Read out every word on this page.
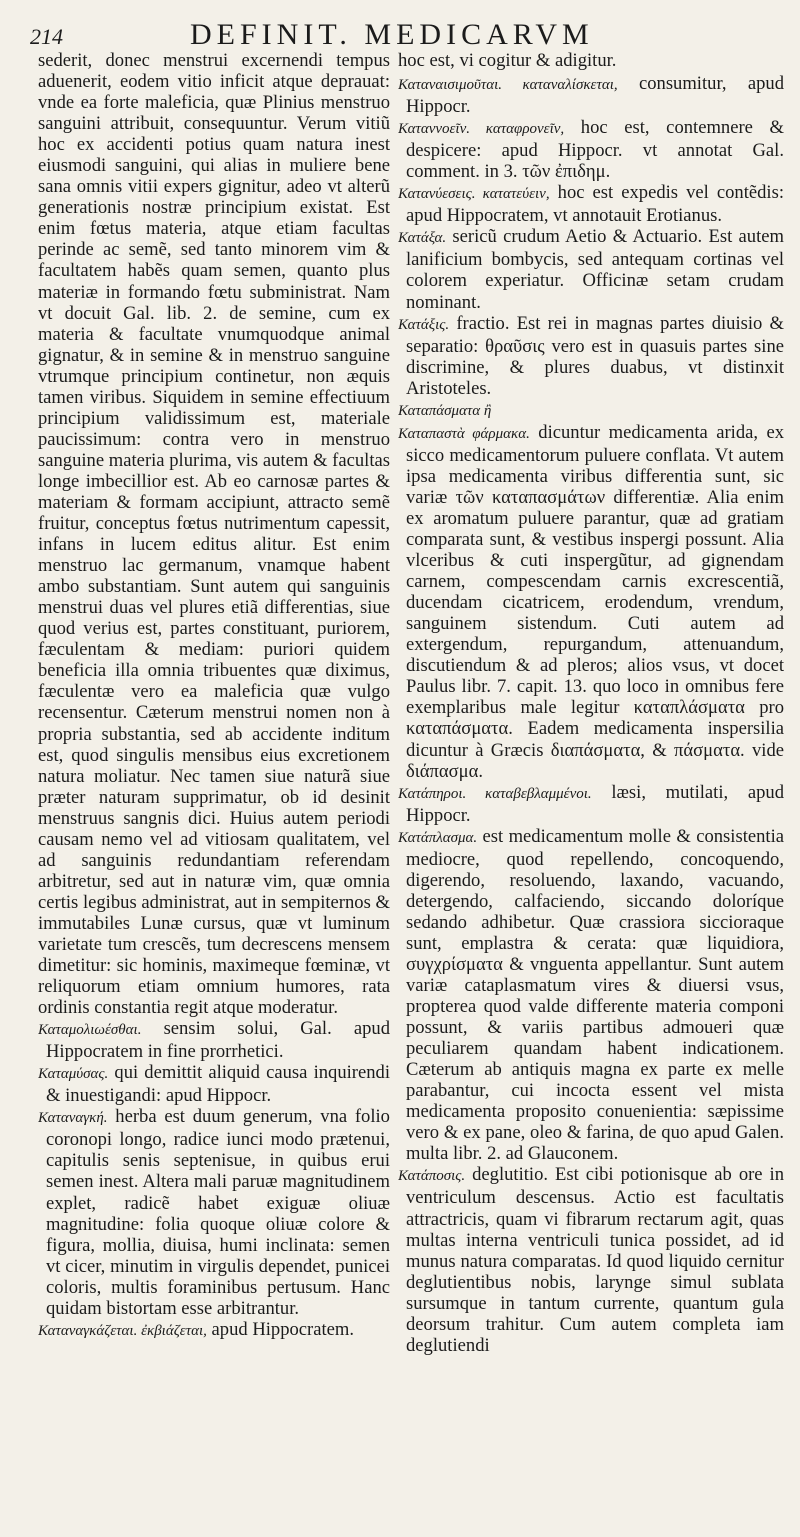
214	DEFINIT. MEDICARVM

sederit, donec menstrui excernendi tempus aduenerit, eodem vitio inficit atque deprauat: vnde ea forte maleficia, quæ Plinius menstruo sanguini attribuit, consequuntur. Verum vitiũ hoc ex accidenti potius quam natura inest eiusmodi sanguini, qui alias in muliere bene sana omnis vitii expers gignitur, adeo vt alterũ generationis nostræ principium existat. Est enim fœtus materia, atque etiam facultas perinde ac semẽ, sed tanto minorem vim & facultatem habẽs quam semen, quanto plus materiæ in formando fœtu subministrat. Nam vt docuit Gal. lib. 2. de semine, cum ex materia & facultate vnumquodque animal gignatur, & in semine & in menstruo sanguine vtrumque principium continetur, non æquis tamen viribus. Siquidem in semine effectiuum principium validissimum est, materiale paucissimum: contra vero in menstruo sanguine materia plurima, vis autem & facultas longe imbecillior est. Ab eo carnosæ partes & materiam & formam accipiunt, attracto semẽ fruitur, conceptus fœtus nutrimentum capessit, infans in lucem editus alitur. Est enim menstruo lac germanum, vnamque habent ambo substantiam. Sunt autem qui sanguinis menstrui duas vel plures etiã differentias, siue quod verius est, partes constituant, puriorem, fæculentam & mediam: puriori quidem beneficia illa omnia tribuentes quæ diximus, fæculentæ vero ea maleficia quæ vulgo recensentur. Cæterum menstrui nomen non à propria substantia, sed ab accidente inditum est, quod singulis mensibus eius excretionem natura moliatur. Nec tamen siue naturã siue præter naturam supprimatur, ob id desinit menstruus sangnis dici. Huius autem periodi causam nemo vel ad vitiosam qualitatem, vel ad sanguinis redundantiam referendam arbitretur, sed aut in naturæ vim, quæ omnia certis legibus administrat, aut in sempiternos & immutabiles Lunæ cursus, quæ vt luminum varietate tum crescẽs, tum decrescens mensem dimetitur: sic hominis, maximeque fœminæ, vt reliquorum etiam omnium humores, rata ordinis constantia regit atque moderatur.

Καταμολιωέσθαι. sensim solui, Gal. apud Hippocratem in fine prorrhetici.

Καταμύσας. qui demittit aliquid causa inquirendi & inuestigandi: apud Hippocr.

Καταναγκή. herba est duum generum, vna folio coronopi longo, radice iunci modo prætenui, capitulis senis septenisue, in quibus erui semen inest. Altera mali paruæ magnitudinem explet, radicẽ habet exiguæ oliuæ magnitudine: folia quoque oliuæ colore & figura, mollia, diuisa, humi inclinata: semen vt cicer, minutim in virgulis dependet, punicei coloris, multis foraminibus pertusum. Hanc quidam bistortam esse arbitrantur.

Καταναγκάζεται. ἐκβιάζεται, apud Hippocratem.

hoc est, vi cogitur & adigitur.

Καταναισιμοῦται. καταναλίσκεται, consumitur, apud Hippocr.

Καταννοεῖν. καταφρονεῖν, hoc est, contemnere & despicere: apud Hippocr. vt annotat Gal. comment. in 3. τῶν ἐπιδημ.

Κατανύεσεις. κατατεύειν, hoc est expedis vel contẽdis: apud Hippocratem, vt annotauit Erotianus.

Κατάξα. sericũ crudum Aetio & Actuario. Est autem lanificium bombycis, sed antequam cortinas vel colorem experiatur. Officinæ setam crudam nominant.

Κατάξις. fractio. Est rei in magnas partes diuisio & separatio: θραῦσις vero est in quasuis partes sine discrimine, & plures duabus, vt distinxit Aristoteles.

Καταπάσματα ἢ

Καταπαστὰ φάρμακα. dicuntur medicamenta arida, ex sicco medicamentorum puluere conflata. Vt autem ipsa medicamenta viribus differentia sunt, sic variæ τῶν καταπασμάτων differentiæ. Alia enim ex aromatum puluere parantur, quæ ad gratiam comparata sunt, & vestibus inspergi possunt. Alia vlceribus & cuti inspergũtur, ad gignendam carnem, compescendam carnis excrescentiã, ducendam cicatricem, erodendum, vrendum, sanguinem sistendum. Cuti autem ad extergendum, repurgandum, attenuandum, discutiendum & ad pleros; alios vsus, vt docet Paulus libr. 7. capit. 13. quo loco in omnibus fere exemplaribus male legitur καταπλάσματα pro καταπάσματα. Eadem medicamenta inspersilia dicuntur à Græcis διαπάσματα, & πάσματα. vide διάπασμα.

Κατάπηροι. καταβεβλαμμένοι. læsi, mutilati, apud Hippocr.

Κατάπλασμα. est medicamentum molle & consistentia mediocre, quod repellendo, concoquendo, digerendo, resoluendo, laxando, vacuando, detergendo, calfaciendo, siccando doloríque sedando adhibetur. Quæ crassiora siccioraque sunt, emplastra & cerata: quæ liquidiora, συγχρίσματα & vnguenta appellantur. Sunt autem variæ cataplasmatum vires & diuersi vsus, propterea quod valde differente materia componi possunt, & variis partibus admoueri quæ peculiarem quandam habent indicationem. Cæterum ab antiquis magna ex parte ex melle parabantur, cui incocta essent vel mista medicamenta proposito conuenientia: sæpissime vero & ex pane, oleo & farina, de quo apud Galen. multa libr. 2. ad Glauconem.

Κατάποσις. deglutitio. Est cibi potionisque ab ore in ventriculum descensus. Actio est facultatis attractricis, quam vi fibrarum rectarum agit, quas multas interna ventriculi tunica possidet, ad id munus natura comparatas. Id quod liquido cernitur deglutientibus nobis, larynge simul sublata sursumque in tantum currente, quantum gula deorsum trahitur. Cum autem completa iam deglutiendi
